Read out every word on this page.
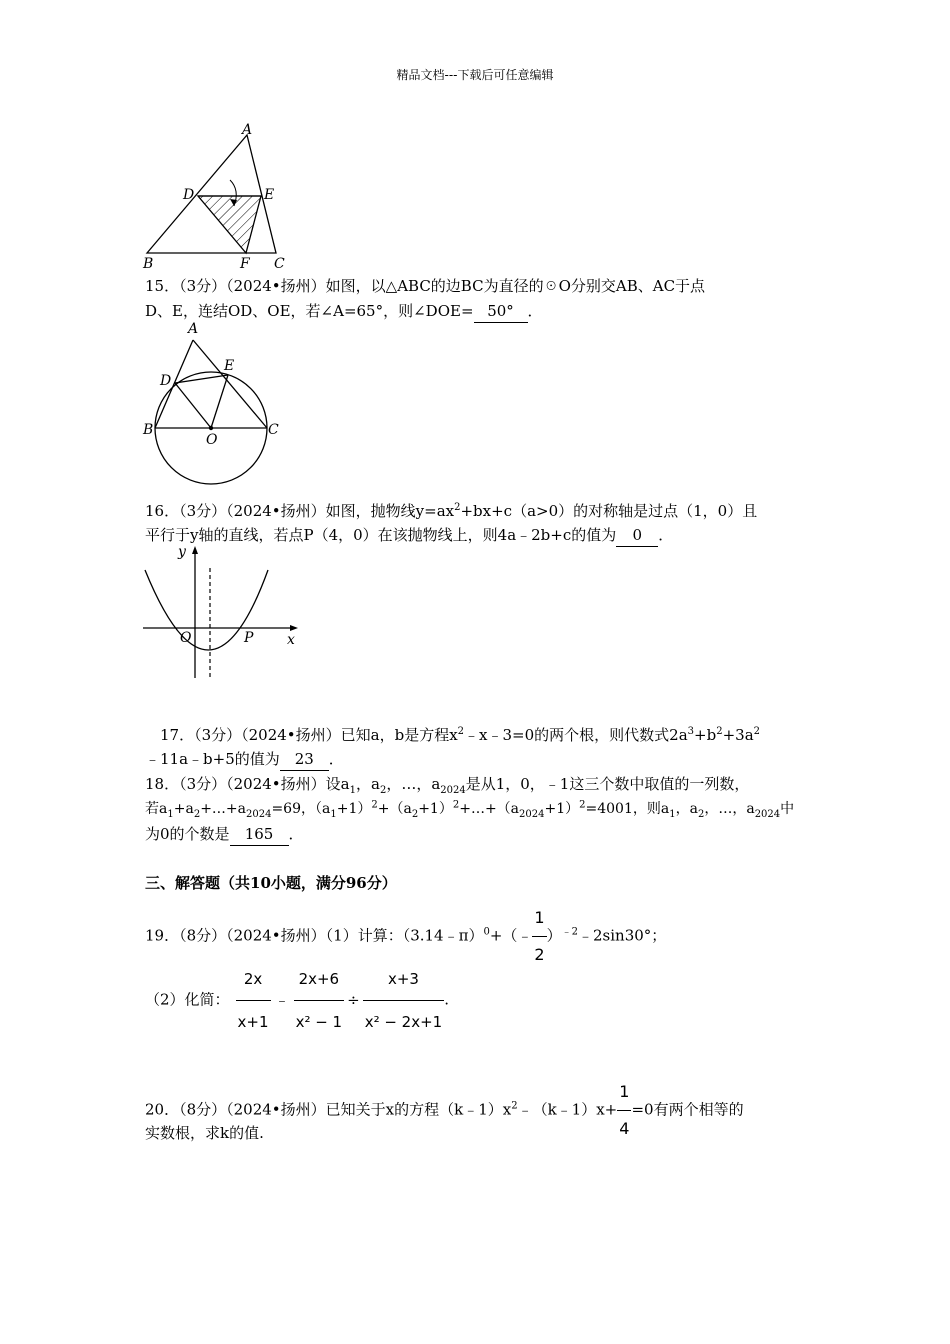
精品文档---下载后可任意编辑
A
D	E
B	F C
15．（3分）（2024•扬州）如图，以△ABC的边BC为直径的☉O分别交AB、AC于点
D、E，连结OD、OE，若∠A=65°，则∠DOE= 50° ．
A
D
E
B
O
C
16．（3分）（2024•扬州）如图，抛物线$y=ax^2+bx+c(a>0)$的对称轴是过点（1，0）且
平行于y轴的直线，若点P（4，0）在该抛物线上，则4a﹣2b+c的值为 0 ．
y
O	P x
17．（3分）（2024•扬州）已知a，b是方程$x^2﹣x﹣3=0$的两个根，则代数式$2a^3+b^2+3a^2$
﹣11a﹣b+5的值为 23 ．
18．（3分）（2024•扬州）设$a_1$，$a_2$，…，$a_{2024}$是从1，0，﹣1这三个数中取值的一列数，
若$a_1+a_2+\dots+a_{2024}=69$，$(a_1+1)^2+(a_2+1)^2+\dots+(a_{2024}+1)^2=4001$，则$a_1$，$a_2$，…，$a_{2024}$中
为0的个数是 165 ．
三、解答题（共10小题，满分96分）
19．（8分）（2024•扬州）（1）计算：（3.14﹣π）$^0$+（﹣ $\frac{1}{2}$ ）$^{﹣2}$﹣2sin30°；
（2）化简： $\frac{2x}{x+1}$ ﹣ $\frac{2x+6}{\text{x² − 1}} \div \frac{x+3}{\text{x² − 2x+1}}$ .
20．（8分）（2024•扬州）已知关于x的方程$(k﹣1)x^2﹣(k﹣1)x+ \frac{1}{4} =0$有两个相等的
实数根，求k的值.
